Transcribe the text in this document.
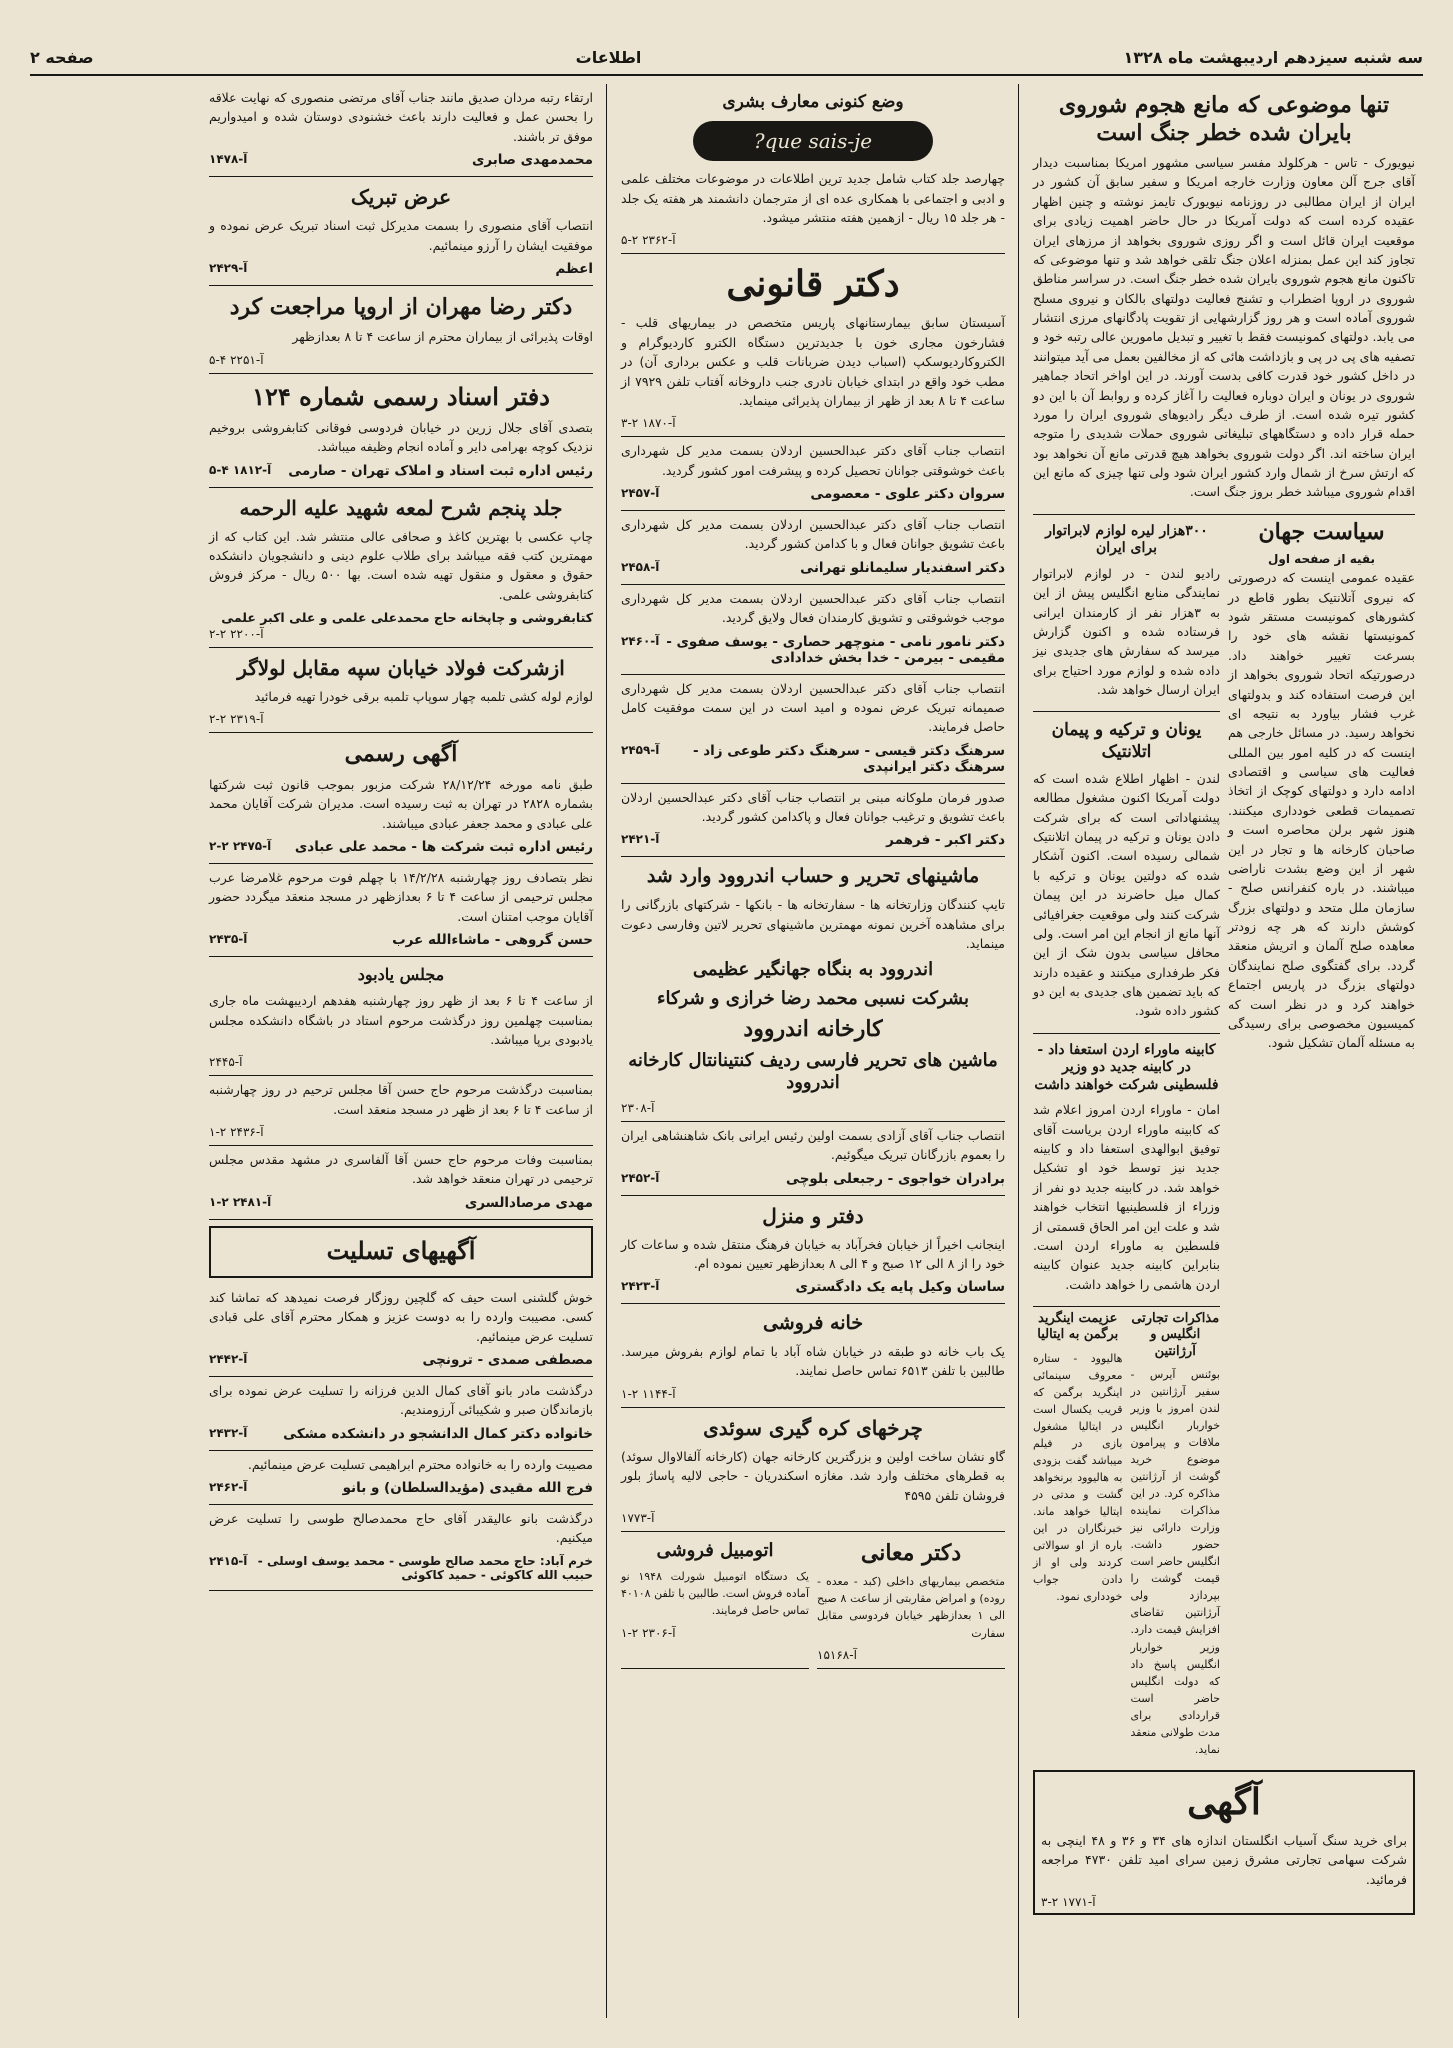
سه شنبه سیزدهم اردیبهشت ماه ۱۳۲۸
اطلاعات
صفحه ۲
تنها موضوعی که مانع هجوم شوروی بایران شده خطر جنگ است

نیویورک - تاس - هرکلولد مفسر سیاسی مشهور امریکا بمناسبت دیدار آقای جرج آلن معاون وزارت خارجه امریکا و سفیر سابق آن کشور در ایران از ایران مطالبی در روزنامه نیویورک تایمز نوشته و چنین اظهار عقیده کرده است که دولت آمریکا در حال حاضر اهمیت زیادی برای موقعیت ایران قائل است و اگر روزی شوروی بخواهد از مرزهای ایران تجاوز کند این عمل بمنزله اعلان جنگ تلقی خواهد شد و تنها موضوعی که تاکنون مانع هجوم شوروی بایران شده خطر جنگ است. در سراسر مناطق شوروی در اروپا اضطراب و تشنج فعالیت دولتهای بالکان و نیروی مسلح شوروی آماده است و هر روز گزارشهایی از تقویت پادگانهای مرزی انتشار می یابد. دولتهای کمونیست فقط با تغییر و تبدیل مامورین عالی رتبه خود و تصفیه های پی در پی و بازداشت هائی که از مخالفین بعمل می آید میتوانند در داخل کشور خود قدرت کافی بدست آورند. در این اواخر اتحاد جماهیر شوروی در یونان و ایران دوباره فعالیت را آغاز کرده و روابط آن با این دو کشور تیره شده است. از طرف دیگر رادیوهای شوروی ایران را مورد حمله قرار داده و دستگاههای تبلیغاتی شوروی حملات شدیدی را متوجه ایران ساخته اند. اگر دولت شوروی بخواهد هیچ قدرتی مانع آن نخواهد بود که ارتش سرخ از شمال وارد کشور ایران شود ولی تنها چیزی که مانع این اقدام شوروی میباشد خطر بروز جنگ است.

سیاست جهان
بقیه از صفحه اول

عقیده عمومی اینست که درصورتی که نیروی آتلانتیک بطور قاطع در کشورهای کمونیست مستقر شود کمونیستها نقشه های خود را بسرعت تغییر خواهند داد. درصورتیکه اتحاد شوروی بخواهد از این فرصت استفاده کند و بدولتهای غرب فشار بیاورد به نتیجه ای نخواهد رسید. در مسائل خارجی هم اینست که در کلیه امور بین المللی فعالیت های سیاسی و اقتصادی ادامه دارد و دولتهای کوچک از اتخاذ تصمیمات قطعی خودداری میکنند. هنوز شهر برلن محاصره است و صاحبان کارخانه ها و تجار در این شهر از این وضع بشدت ناراضی میباشند. در باره کنفرانس صلح - سازمان ملل متحد و دولتهای بزرگ کوشش دارند که هر چه زودتر معاهده صلح آلمان و اتریش منعقد گردد. برای گفتگوی صلح نمایندگان دولتهای بزرگ در پاریس اجتماع خواهند کرد و در نظر است که کمیسیون مخصوصی برای رسیدگی به مسئله آلمان تشکیل شود.

۳۰۰هزار لیره لوازم لابراتوار برای ایران

رادیو لندن - در لوازم لابراتوار نمایندگی منابع انگلیس پیش از این به ۳هزار نفر از کارمندان ایرانی فرستاده شده و اکنون گزارش میرسد که سفارش های جدیدی نیز داده شده و لوازم مورد احتیاج برای ایران ارسال خواهد شد.

یونان و ترکیه و پیمان اتلانتیک

لندن - اظهار اطلاع شده است که دولت آمریکا اکنون مشغول مطالعه پیشنهاداتی است که برای شرکت دادن یونان و ترکیه در پیمان اتلانتیک شمالی رسیده است. اکنون آشکار شده که دولتین یونان و ترکیه با کمال میل حاضرند در این پیمان شرکت کنند ولی موقعیت جغرافیائی آنها مانع از انجام این امر است. ولی محافل سیاسی بدون شک از این فکر طرفداری میکنند و عقیده دارند که باید تضمین های جدیدی به این دو کشور داده شود.

کابینه ماوراء اردن استعفا داد - در کابینه جدید دو وزیر فلسطینی شرکت خواهند داشت

امان - ماوراء اردن امروز اعلام شد که کابینه ماوراء اردن بریاست آقای توفیق ابوالهدی استعفا داد و کابینه جدید نیز توسط خود او تشکیل خواهد شد. در کابینه جدید دو نفر از وزراء از فلسطینیها انتخاب خواهند شد و علت این امر الحاق قسمتی از فلسطین به ماوراء اردن است. بنابراین کابینه جدید عنوان کابینه اردن هاشمی را خواهد داشت.

مذاکرات تجارتی انگلیس و آرژانتین

بوئنس آیرس - سفیر آرژانتین در لندن امروز با وزیر خواربار انگلیس ملاقات و پیرامون موضوع خرید گوشت از آرژانتین مذاکره کرد. در این مذاکرات نماینده وزارت دارائی نیز حضور داشت. انگلیس حاضر است قیمت گوشت را بپردازد ولی آرژانتین تقاضای افزایش قیمت دارد. وزیر خواربار انگلیس پاسخ داد که دولت انگلیس حاضر است قراردادی برای مدت طولانی منعقد نماید.

عزیمت اینگرید برگمن به ایتالیا

هالیوود - ستاره معروف سینمائی اینگرید برگمن که قریب یکسال است در ایتالیا مشغول بازی در فیلم میباشد گفت بزودی به هالیوود برنخواهد گشت و مدتی در ایتالیا خواهد ماند. خبرنگاران در این باره از او سوالاتی کردند ولی او از دادن جواب خودداری نمود.

آگهی

برای خرید سنگ آسیاب انگلستان اندازه های ۳۴ و ۳۶ و ۴۸ اینچی به شرکت سهامی تجارتی مشرق زمین سرای امید تلفن ۴۷۳۰ مراجعه فرمائید.

آ-۱۷۷۱ ۲-۳
وضع کنونی معارف بشری
que sais-je?

چهارصد جلد کتاب شامل جدید ترین اطلاعات در موضوعات مختلف علمی و ادبی و اجتماعی با همکاری عده ای از مترجمان دانشمند هر هفته یک جلد - هر جلد ۱۵ ریال - ازهمین هفته منتشر میشود.

آ-۲۳۶۲ ۲-۵
دکتر قانونی

آسیستان سابق بیمارستانهای پاریس متخصص در بیماریهای قلب - فشارخون مجاری خون با جدیدترین دستگاه الکترو کاردیوگرام و الکتروکاردیوسکپ (اسباب دیدن ضربانات قلب و عکس برداری آن) در مطب خود واقع در ابتدای خیابان نادری جنب داروخانه آفتاب تلفن ۷۹۲۹ از ساعت ۴ تا ۸ بعد از ظهر از بیماران پذیرائی مینماید.

آ-۱۸۷۰ ۲-۳

انتصاب جناب آقای دکتر عبدالحسین اردلان بسمت مدیر کل شهرداری باعث خوشوقتی جوانان تحصیل کرده و پیشرفت امور کشور گردید.

سروان دکتر علوی - معصومی
آ-۲۴۵۷

انتصاب جناب آقای دکتر عبدالحسین اردلان بسمت مدیر کل شهرداری باعث تشویق جوانان فعال و با کدامن کشور گردید.

دکتر اسفندیار سلیمانلو تهرانی
آ-۲۴۵۸

انتصاب جناب آقای دکتر عبدالحسین اردلان بسمت مدیر کل شهرداری موجب خوشوقتی و تشویق کارمندان فعال ولایق گردید.

دکتر نامور نامی - منوچهر حصاری - یوسف صفوی - مقیمی - بیرمن - خدا بخش خدادادی
آ-۲۴۶۰

انتصاب جناب آقای دکتر عبدالحسین اردلان بسمت مدیر کل شهرداری صمیمانه تبریک عرض نموده و امید است در این سمت موفقیت کامل حاصل فرمایند.

سرهنگ دکتر قیسی - سرهنگ دکتر طوعی زاد - سرهنگ دکتر ایرانپدی
آ-۲۴۵۹

صدور فرمان ملوکانه مبنی بر انتصاب جناب آقای دکتر عبدالحسین اردلان باعث تشویق و ترغیب جوانان فعال و پاکدامن کشور گردید.

دکتر اکبر - فرهمر
آ-۲۴۲۱
ماشینهای تحریر و حساب اندروود وارد شد

تایپ کنندگان وزارتخانه ها - سفارتخانه ها - بانکها - شرکتهای بازرگانی را برای مشاهده آخرین نمونه مهمترین ماشینهای تحریر لاتین وفارسی دعوت مینماید.

اندروود به بنگاه جهانگیر عظیمی
بشرکت نسبی محمد رضا خرازی و شرکاء
کارخانه اندروود
ماشین های تحریر فارسی ردیف کنتینانتال کارخانه اندروود
آ-۲۳۰۸

انتصاب جناب آقای آزادی بسمت اولین رئیس ایرانی بانک شاهنشاهی ایران را بعموم بازرگانان تبریک میگوئیم.

برادران خواجوی - رجبعلی بلوچی
آ-۲۴۵۲
دفتر و منزل

اینجانب اخیراً از خیابان فخرآباد به خیابان فرهنگ منتقل شده و ساعات کار خود را از ۸ الی ۱۲ صبح و ۴ الی ۸ بعدازظهر تعیین نموده ام.

ساسان وکیل پایه یک دادگستری
آ-۲۴۲۳
خانه فروشی

یک باب خانه دو طبقه در خیابان شاه آباد با تمام لوازم بفروش میرسد. طالبین با تلفن ۶۵۱۳ تماس حاصل نمایند.

آ-۱۱۴۴ ۲-۱
چرخهای کره گیری سوئدی

گاو نشان ساخت اولین و بزرگترین کارخانه جهان (کارخانه آلفالاوال سوئد) به قطرهای مختلف وارد شد. مغازه اسکندریان - حاجی لالیه پاساژ بلور فروشان تلفن ۴۵۹۵

آ-۱۷۷۳
دکتر معانی

متخصص بیماریهای داخلی (کبد - معده - روده) و امراض مقاربتی از ساعت ۸ صبح الی ۱ بعدازظهر خیابان فردوسی مقابل سفارت

آ-۱۵۱۶۸
اتومبیل فروشی

یک دستگاه اتومبیل شورلت ۱۹۴۸ نو آماده فروش است. طالبین با تلفن ۴۰۱۰۸ تماس حاصل فرمایند.

آ-۲۳۰۶ ۲-۱

ارتقاء رتبه مردان صدیق مانند جناب آقای مرتضی منصوری که نهایت علاقه را بحسن عمل و فعالیت دارند باعث خشنودی دوستان شده و امیدواریم موفق تر باشند.

محمدمهدی صابری
آ-۱۴۷۸
عرض تبریک

انتصاب آقای منصوری را بسمت مدیرکل ثبت اسناد تبریک عرض نموده و موفقیت ایشان را آرزو مینمائیم.

اعظم
آ-۲۴۲۹
دکتر رضا مهران از اروپا مراجعت کرد

اوقات پذیرائی از بیماران محترم از ساعت ۴ تا ۸ بعدازظهر

آ-۲۲۵۱ ۴-۵
دفتر اسناد رسمی شماره ۱۲۴

بتصدی آقای جلال زرین در خیابان فردوسی فوقانی کتابفروشی بروخیم نزدیک کوچه بهرامی دایر و آماده انجام وظیفه میباشد.

رئیس اداره ثبت اسناد و املاک تهران - صارمی
آ-۱۸۱۲ ۴-۵
جلد پنجم شرح لمعه شهید علیه الرحمه

چاپ عکسی با بهترین کاغذ و صحافی عالی منتشر شد. این کتاب که از مهمترین کتب فقه میباشد برای طلاب علوم دینی و دانشجویان دانشکده حقوق و معقول و منقول تهیه شده است. بها ۵۰۰ ریال - مرکز فروش کتابفروشی علمی.

کتابفروشی و چاپخانه حاج محمدعلی علمی و علی اکبر علمی
آ-۲۲۰۰ ۲-۲
ازشرکت فولاد خیابان سپه مقابل لولاگر

لوازم لوله کشی تلمبه چهار سوپاپ تلمبه برقی خودرا تهیه فرمائید

آ-۲۳۱۹ ۲-۲
آگهی رسمی

طبق نامه مورخه ۲۸/۱۲/۲۴ شرکت مزبور بموجب قانون ثبت شرکتها بشماره ۲۸۲۸ در تهران به ثبت رسیده است. مدیران شرکت آقایان محمد علی عبادی و محمد جعفر عبادی میباشند.

رئیس اداره ثبت شرکت ها - محمد علی عبادی
آ-۲۴۷۵ ۲-۲

نظر بتصادف روز چهارشنبه ۱۴/۲/۲۸ با چهلم فوت مرحوم غلامرضا عرب مجلس ترحیمی از ساعت ۴ تا ۶ بعدازظهر در مسجد منعقد میگردد حضور آقایان موجب امتنان است.

حسن گروهی - ماشاءالله عرب
آ-۲۴۳۵
مجلس یادبود

از ساعت ۴ تا ۶ بعد از ظهر روز چهارشنبه هفدهم اردیبهشت ماه جاری بمناسبت چهلمین روز درگذشت مرحوم استاد در باشگاه دانشکده مجلس یادبودی برپا میباشد.

آ-۲۴۴۵

بمناسبت درگذشت مرحوم حاج حسن آقا مجلس ترحیم در روز چهارشنبه از ساعت ۴ تا ۶ بعد از ظهر در مسجد منعقد است.

آ-۲۴۳۶ ۲-۱

بمناسبت وفات مرحوم حاج حسن آقا آلفاسری در مشهد مقدس مجلس ترحیمی در تهران منعقد خواهد شد.

مهدی مرصادالسری
آ-۲۴۸۱ ۲-۱
آگهیهای تسلیت

خوش گلشنی است حیف که گلچین روزگار فرصت نمیدهد که تماشا کند کسی. مصیبت وارده را به دوست عزیز و همکار محترم آقای علی قبادی تسلیت عرض مینمائیم.

مصطفی صمدی - ترونچی
آ-۲۴۴۲

درگذشت مادر بانو آقای کمال الدین فرزانه را تسلیت عرض نموده برای بازماندگان صبر و شکیبائی آرزومندیم.

خانواده دکتر کمال الدانشجو در دانشکده مشکی
آ-۲۴۳۲

مصیبت وارده را به خانواده محترم ابراهیمی تسلیت عرض مینمائیم.

فرج الله مقیدی (مؤیدالسلطان) و بانو
آ-۲۴۶۲

درگذشت بانو عالیقدر آقای حاج محمدصالح طوسی را تسلیت عرض میکنیم.

خرم آباد: حاج محمد صالح طوسی - محمد یوسف اوسلی - حبیب الله کاکوئی - حمید کاکوئی
آ-۲۴۱۵
